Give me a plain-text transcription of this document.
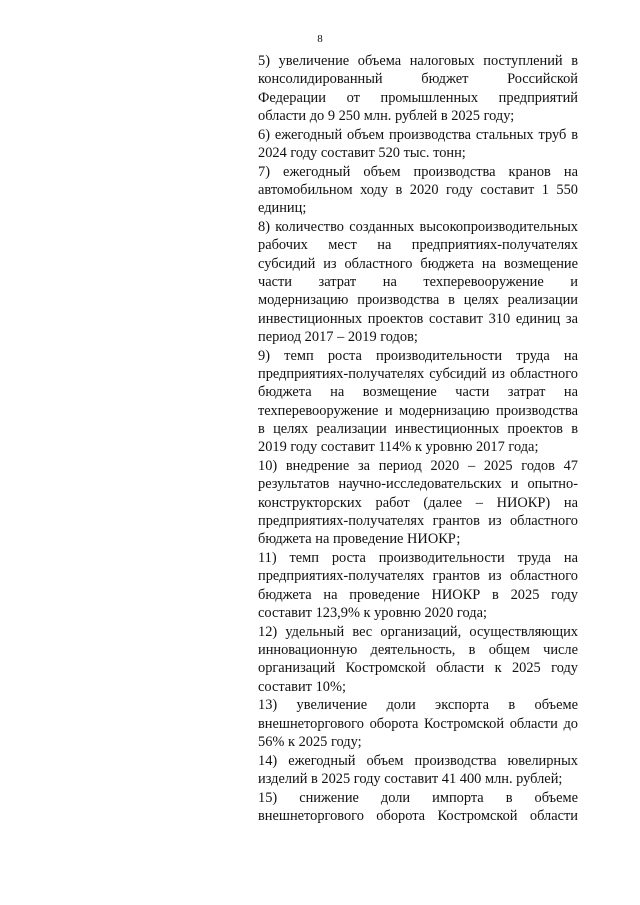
8

5) увеличение объема налоговых поступлений в консолидированный бюджет Российской Федерации от промышленных предприятий области до 9 250 млн. рублей в 2025 году;

6) ежегодный объем производства стальных труб в 2024 году составит 520 тыс. тонн;

7) ежегодный объем производства кранов на автомобильном ходу в 2020 году составит 1 550 единиц;

8) количество созданных высокопроизводительных рабочих мест на предприятиях-получателях субсидий из областного бюджета на возмещение части затрат на техперевооружение и модернизацию производства в целях реализации инвестиционных проектов составит 310 единиц за период 2017 – 2019 годов;

9) темп роста производительности труда на предприятиях-получателях субсидий из областного бюджета на возмещение части затрат на техперевооружение и модернизацию производства в целях реализации инвестиционных проектов в 2019 году составит 114% к уровню 2017 года;

10) внедрение за период 2020 – 2025 годов 47 результатов научно-исследовательских и опытно-конструкторских работ (далее – НИОКР) на предприятиях-получателях грантов из областного бюджета на проведение НИОКР;

11) темп роста производительности труда на предприятиях-получателях грантов из областного бюджета на проведение НИОКР в 2025 году составит 123,9% к уровню 2020 года;

12) удельный вес организаций, осуществляющих инновационную деятельность, в общем числе организаций Костромской области к 2025 году составит 10%;

13) увеличение доли экспорта в объеме внешнеторгового оборота Костромской области до 56% к 2025 году;

14) ежегодный объем производства ювелирных изделий в 2025 году составит 41 400 млн. рублей;

15) снижение доли импорта в объеме внешнеторгового оборота Костромской области
